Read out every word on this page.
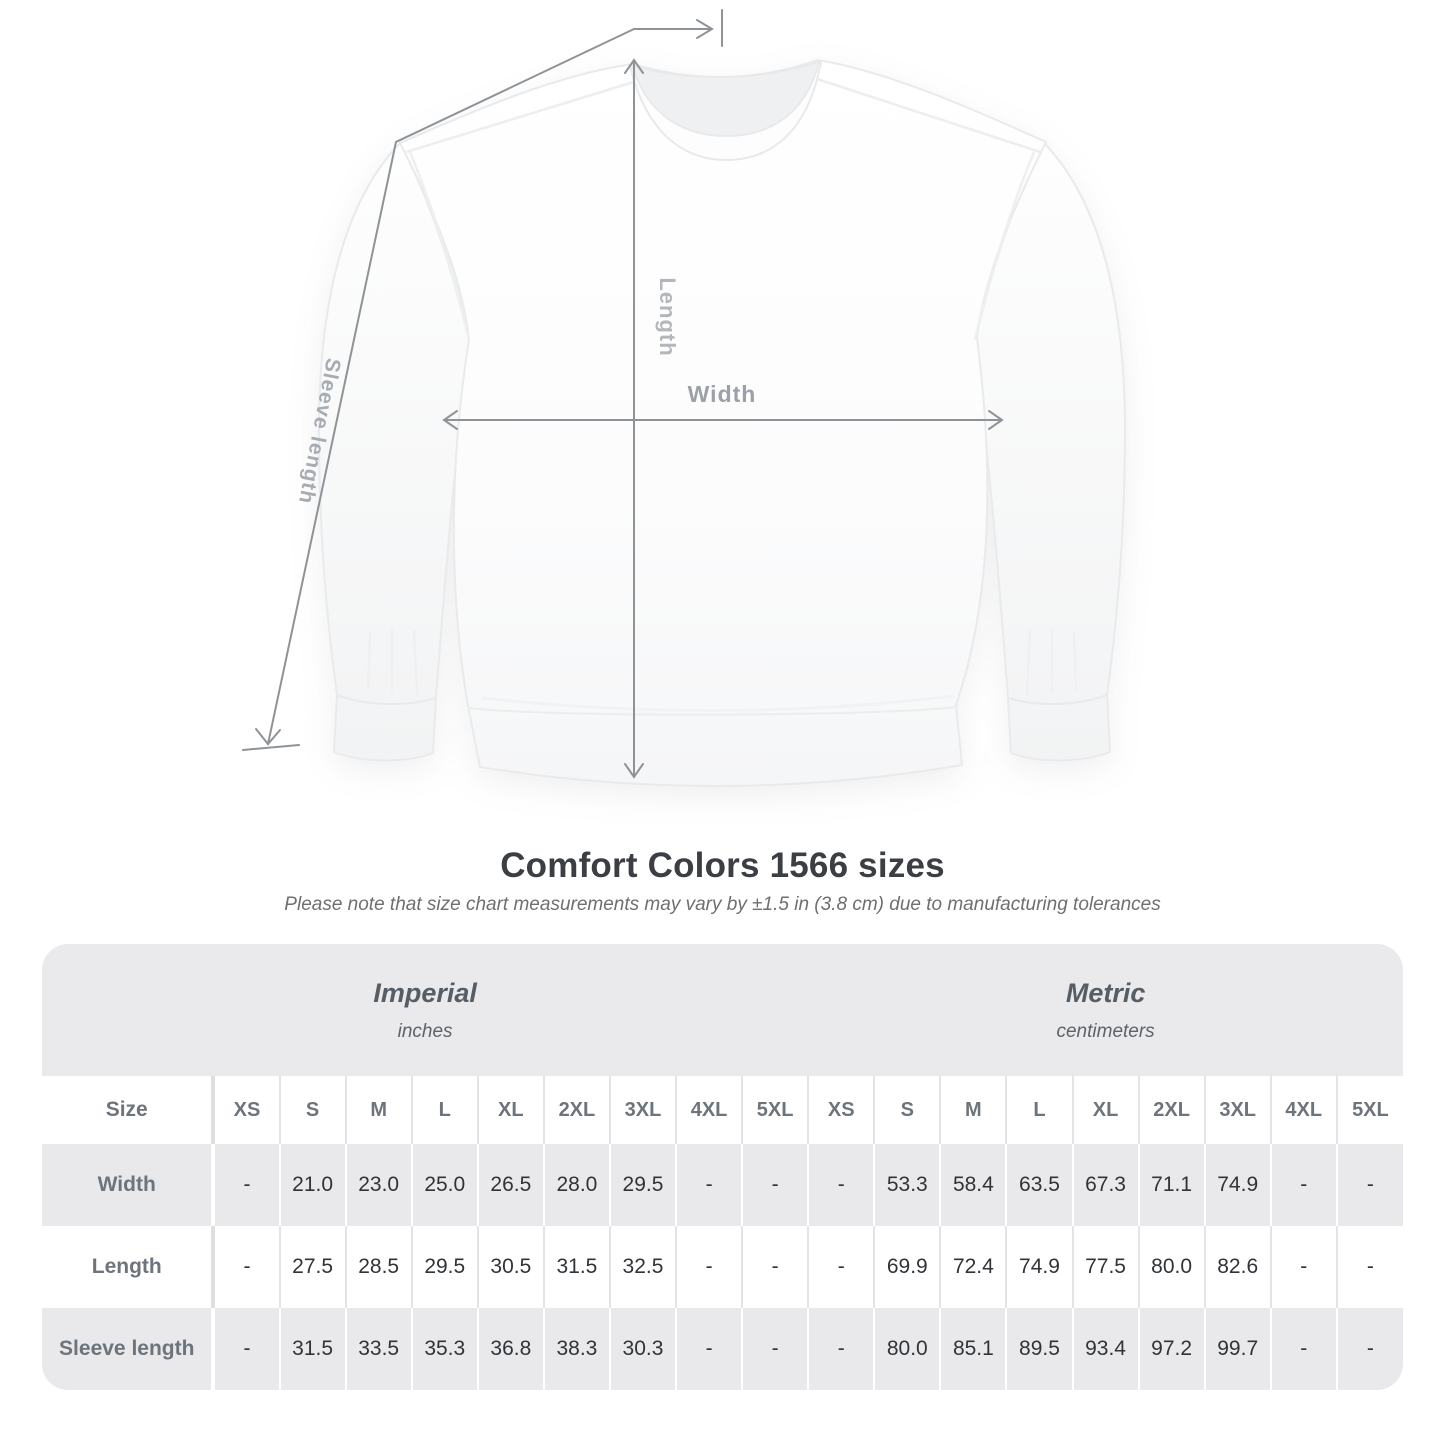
Sleeve length
Length
Width
Comfort Colors 1566 sizes
Please note that size chart measurements may vary by ±1.5 in (3.8 cm) due to manufacturing tolerances
Imperial
inches

Metric
centimeters

Size	XS	S	M	L	XL	2XL	3XL	4XL	5XL	XS	S	M	L	XL	2XL	3XL	4XL	5XL
Width	-	21.0	23.0	25.0	26.5	28.0	29.5	-	-	-	53.3	58.4	63.5	67.3	71.1	74.9	-	-
Length	-	27.5	28.5	29.5	30.5	31.5	32.5	-	-	-	69.9	72.4	74.9	77.5	80.0	82.6	-	-
Sleeve length	-	31.5	33.5	35.3	36.8	38.3	30.3	-	-	-	80.0	85.1	89.5	93.4	97.2	99.7	-	-
